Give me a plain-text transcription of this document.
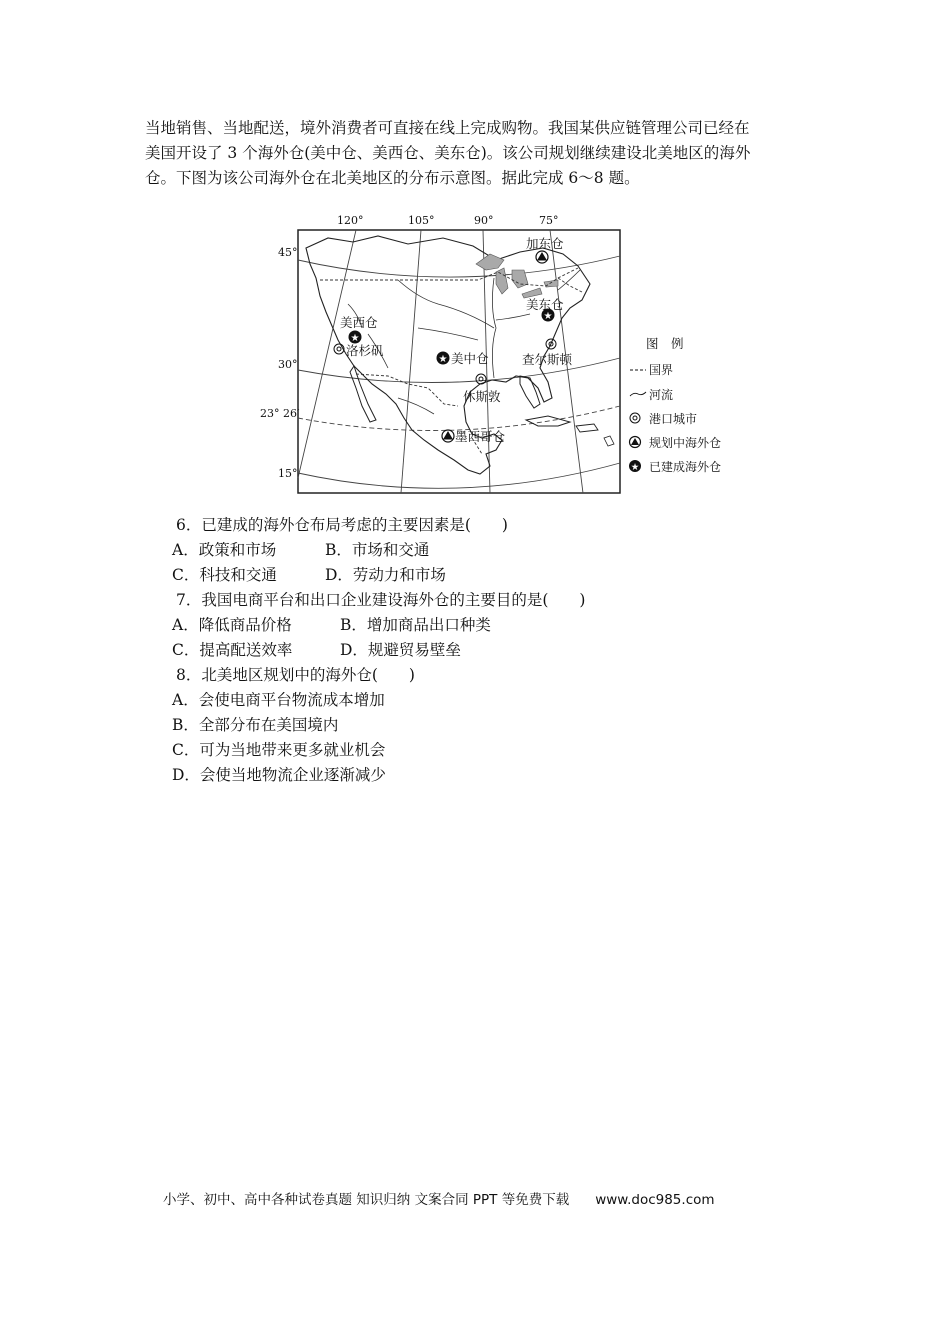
当地销售、当地配送，境外消费者可直接在线上完成购物。我国某供应链管理公司已经在

美国开设了 3 个海外仓(美中仓、美西仓、美东仓)。该公司规划继续建设北美地区的海外

仓。下图为该公司海外仓在北美地区的分布示意图。据此完成 6～8 题。

★
★
★
加东仓
美东仓
美西仓
洛杉矶
美中仓	查尔斯顿
休斯敦
墨西哥仓
120°	105°	90°	75°
45°
30°
23° 26′
15°
图　例
国界
河流
港口城市
规划中海外仓
★ 已建成海外仓
6．已建成的海外仓布局考虑的主要因素是(　　)
A．政策和市场	B．市场和交通
C．科技和交通	D．劳动力和市场
7．我国电商平台和出口企业建设海外仓的主要目的是(　　)
A．降低商品价格	B．增加商品出口种类
C．提高配送效率	D．规避贸易壁垒
8．北美地区规划中的海外仓(　　)
A．会使电商平台物流成本增加
B．全部分布在美国境内
C．可为当地带来更多就业机会
D．会使当地物流企业逐渐减少
小学、初中、高中各种试卷真题 知识归纳 文案合同 PPT 等免费下载 www.doc985.com
